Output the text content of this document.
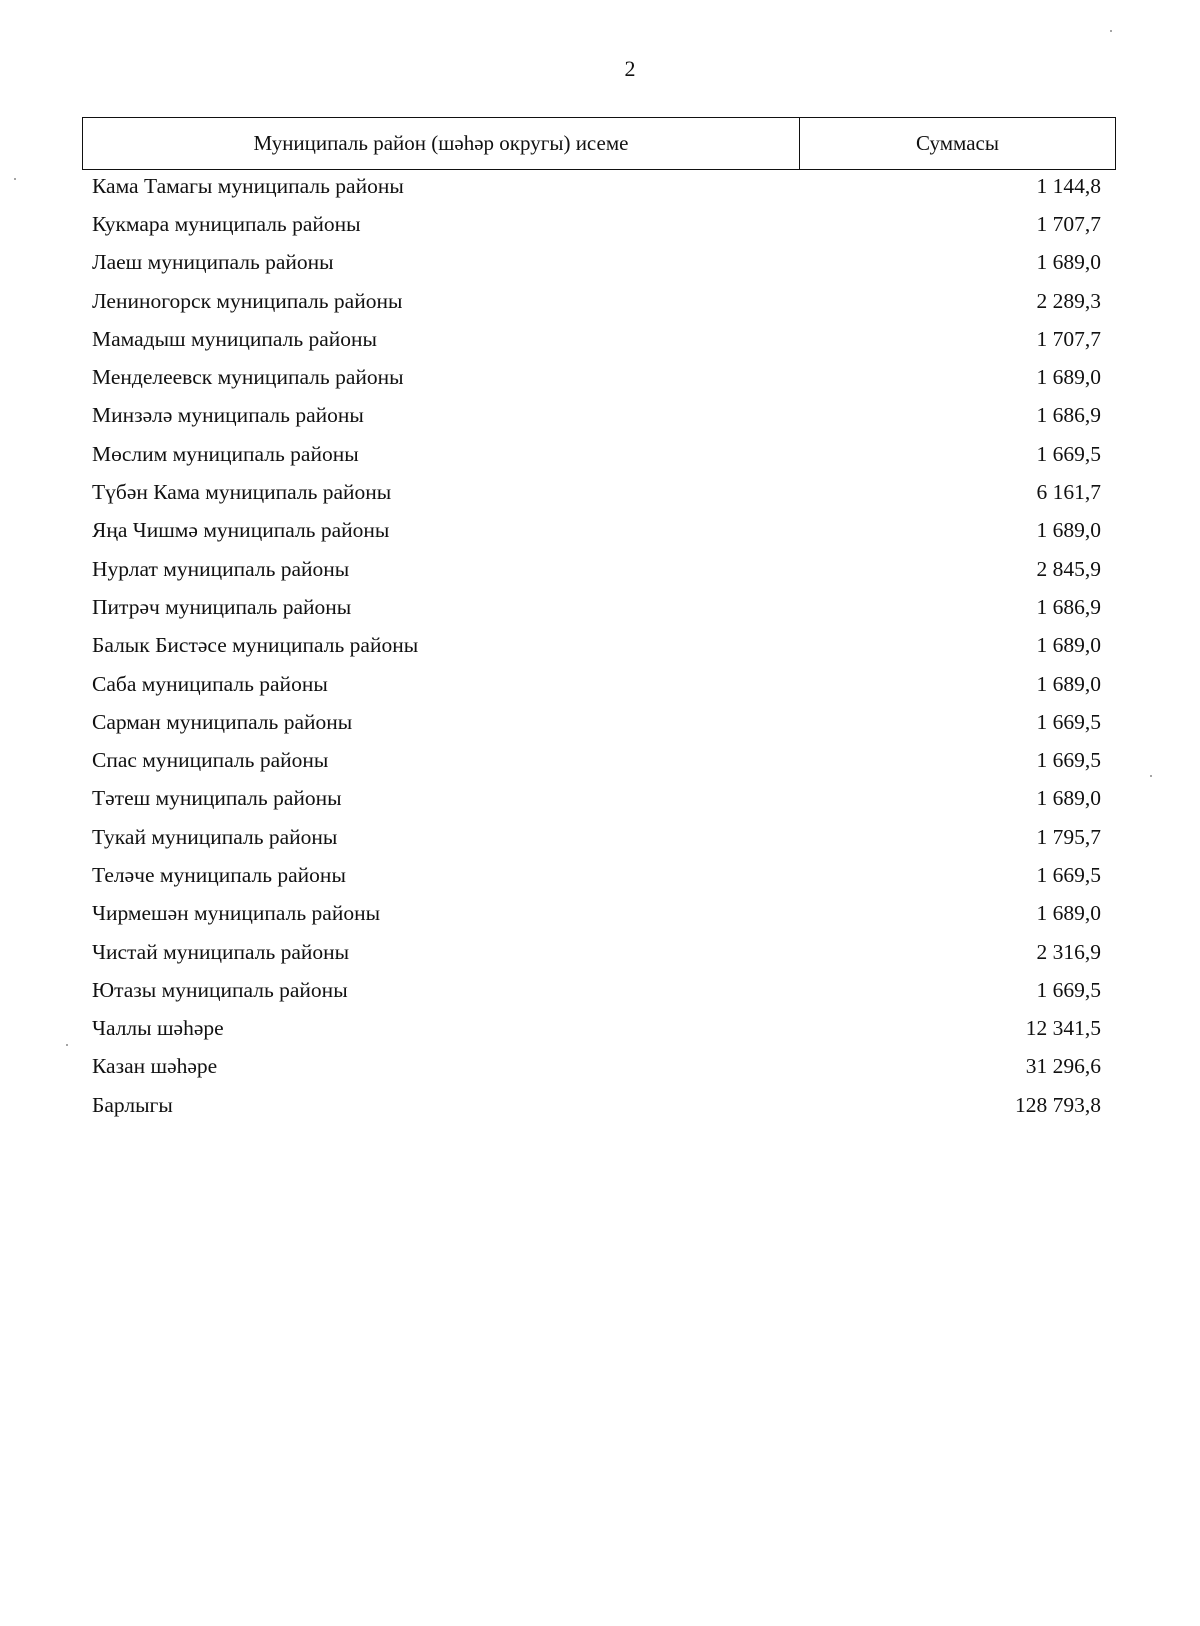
2
Муниципаль район (шәһәр округы) исеме	Суммасы
Кама Тамагы муниципаль районы	1 144,8
Кукмара муниципаль районы	1 707,7
Лаеш муниципаль районы	1 689,0
Лениногорск муниципаль районы	2 289,3
Мамадыш муниципаль районы	1 707,7
Менделеевск муниципаль районы	1 689,0
Минзәлә муниципаль районы	1 686,9
Мөслим муниципаль районы	1 669,5
Түбән Кама муниципаль районы	6 161,7
Яңа Чишмә муниципаль районы	1 689,0
Нурлат муниципаль районы	2 845,9
Питрәч муниципаль районы	1 686,9
Балык Бистәсе муниципаль районы	1 689,0
Саба муниципаль районы	1 689,0
Сарман муниципаль районы	1 669,5
Спас муниципаль районы	1 669,5
Тәтеш муниципаль районы	1 689,0
Тукай муниципаль районы	1 795,7
Теләче муниципаль районы	1 669,5
Чирмешән муниципаль районы	1 689,0
Чистай муниципаль районы	2 316,9
Ютазы муниципаль районы	1 669,5
Чаллы шәһәре	12 341,5
Казан шәһәре	31 296,6
Барлыгы	128 793,8
